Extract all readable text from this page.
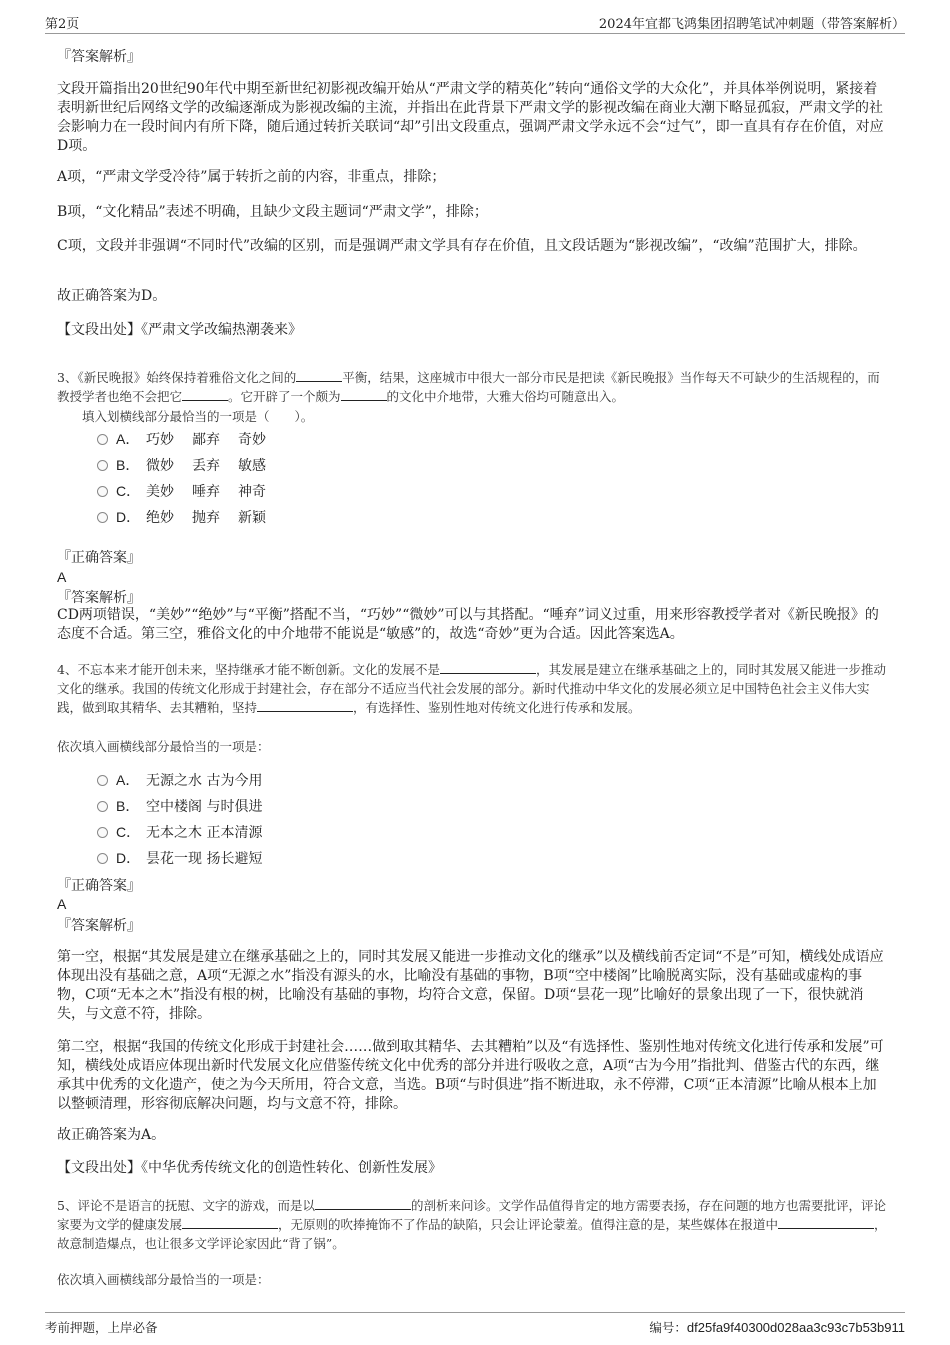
第2页	2024年宜都飞鸿集团招聘笔试冲刺题（带答案解析）
『答案解析』
文段开篇指出20世纪90年代中期至新世纪初影视改编开始从“严肃文学的精英化”转向“通俗文学的大众化”，并具体举例说明，紧接着表明新世纪后网络文学的改编逐渐成为影视改编的主流，并指出在此背景下严肃文学的影视改编在商业大潮下略显孤寂，严肃文学的社会影响力在一段时间内有所下降，随后通过转折关联词“却”引出文段重点，强调严肃文学永远不会“过气”，即一直具有存在价值，对应D项。
A项，“严肃文学受冷待”属于转折之前的内容，非重点，排除；
B项，“文化精品”表述不明确，且缺少文段主题词“严肃文学”，排除；
C项，文段并非强调“不同时代”改编的区别，而是强调严肃文学具有存在价值，且文段话题为“影视改编”，“改编”范围扩大，排除。
故正确答案为D。
【文段出处】《严肃文学改编热潮袭来》
3、《新民晚报》始终保持着雅俗文化之间的	平衡，结果，这座城市中很大一部分市民是把读《新民晚报》当作每天不可缺少的生活规程的，而教授学者也绝不会把它	。它开辟了一个颇为	的文化中介地带，大雅大俗均可随意出入。
填入划横线部分最恰当的一项是（　　）。
A． 巧妙 鄙弃 奇妙
B． 微妙 丢弃 敏感
C． 美妙 唾弃 神奇
D． 绝妙 抛弃 新颖
『正确答案』
A
『答案解析』
CD两项错误，“美妙”“绝妙”与“平衡”搭配不当，“巧妙”“微妙”可以与其搭配。“唾弃”词义过重，用来形容教授学者对《新民晚报》的态度不合适。第三空，雅俗文化的中介地带不能说是“敏感”的，故选“奇妙”更为合适。因此答案选A。
4、不忘本来才能开创未来，坚持继承才能不断创新。文化的发展不是	，其发展是建立在继承基础之上的，同时其发展又能进一步推动文化的继承。我国的传统文化形成于封建社会，存在部分不适应当代社会发展的部分。新时代推动中华文化的发展必须立足中国特色社会主义伟大实践，做到取其精华、去其糟粕，坚持	，有选择性、鉴别性地对传统文化进行传承和发展。
依次填入画横线部分最恰当的一项是：
A． 无源之水 古为今用
B． 空中楼阁 与时俱进
C． 无本之木 正本清源
D． 昙花一现 扬长避短
『正确答案』
A
『答案解析』
第一空，根据“其发展是建立在继承基础之上的，同时其发展又能进一步推动文化的继承”以及横线前否定词“不是”可知，横线处成语应体现出没有基础之意，A项“无源之水”指没有源头的水，比喻没有基础的事物，B项“空中楼阁”比喻脱离实际，没有基础或虚构的事物，C项“无本之木”指没有根的树，比喻没有基础的事物，均符合文意，保留。D项“昙花一现”比喻好的景象出现了一下，很快就消失，与文意不符，排除。
第二空，根据“我国的传统文化形成于封建社会……做到取其精华、去其糟粕”以及“有选择性、鉴别性地对传统文化进行传承和发展”可知，横线处成语应体现出新时代发展文化应借鉴传统文化中优秀的部分并进行吸收之意，A项“古为今用”指批判、借鉴古代的东西，继承其中优秀的文化遗产，使之为今天所用，符合文意，当选。B项“与时俱进”指不断进取，永不停滞，C项“正本清源”比喻从根本上加以整顿清理，形容彻底解决问题，均与文意不符，排除。
故正确答案为A。
【文段出处】《中华优秀传统文化的创造性转化、创新性发展》
5、评论不是语言的抚慰、文字的游戏，而是以	的剖析来问诊。文学作品值得肯定的地方需要表扬，存在问题的地方也需要批评，评论家要为文学的健康发展	，无原则的吹捧掩饰不了作品的缺陷，只会让评论蒙羞。值得注意的是，某些媒体在报道中	，故意制造爆点，也让很多文学评论家因此“背了锅”。
依次填入画横线部分最恰当的一项是：
考前押题，上岸必备	编号：df25fa9f40300d028aa3c93c7b53b911
